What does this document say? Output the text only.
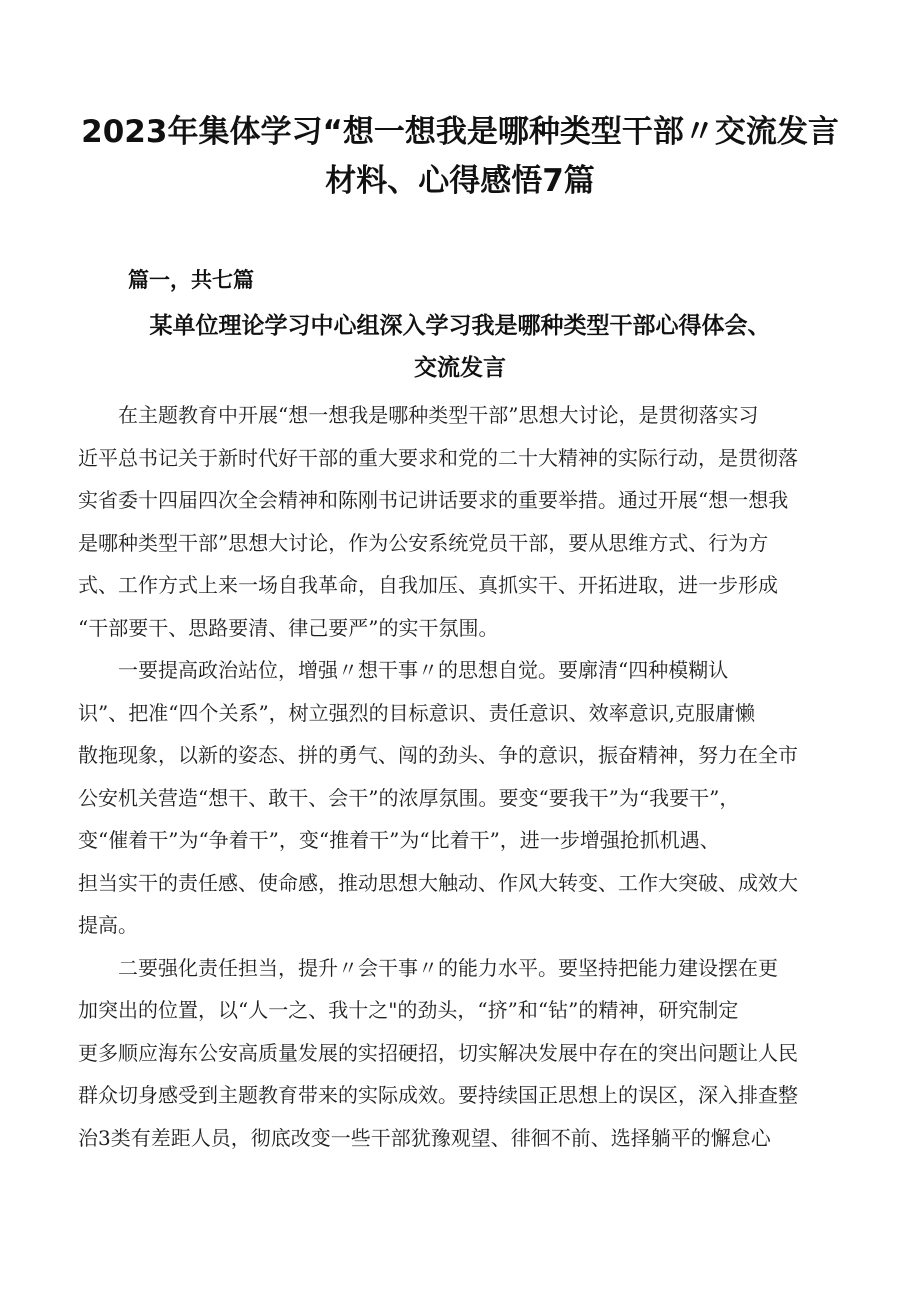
2023年集体学习“想一想我是哪种类型干部〃交流发言
材料、心得感悟7篇
篇一，共七篇
某单位理论学习中心组深入学习我是哪种类型干部心得体会、
交流发言
在主题教育中开展“想一想我是哪种类型干部”思想大讨论，是贯彻落实习
近平总书记关于新时代好干部的重大要求和党的二十大精神的实际行动，是贯彻落
实省委十四届四次全会精神和陈刚书记讲话要求的重要举措。通过开展“想一想我
是哪种类型干部”思想大讨论，作为公安系统党员干部，要从思维方式、行为方
式、工作方式上来一场自我革命，自我加压、真抓实干、开拓进取，进一步形成
“干部要干、思路要清、律己要严”的实干氛围。
一要提高政治站位，增强〃想干事〃的思想自觉。要廓清“四种模糊认
识”、把准“四个关系”，树立强烈的目标意识、责任意识、效率意识,克服庸懒
散拖现象，以新的姿态、拼的勇气、闯的劲头、争的意识，振奋精神，努力在全市
公安机关营造“想干、敢干、会干”的浓厚氛围。要变“要我干”为“我要干”，
变“催着干”为“争着干”，变“推着干”为“比着干”，进一步增强抢抓机遇、
担当实干的责任感、使命感，推动思想大触动、作风大转变、工作大突破、成效大
提高。
二要强化责任担当，提升〃会干事〃的能力水平。要坚持把能力建设摆在更
加突出的位置，以“人一之、我十之"的劲头，“挤”和“钻”的精神，研究制定
更多顺应海东公安高质量发展的实招硬招，切实解决发展中存在的突出问题让人民
群众切身感受到主题教育带来的实际成效。要持续国正思想上的误区，深入排查整
治3类有差距人员，彻底改变一些干部犹豫观望、徘徊不前、选择躺平的懈怠心
